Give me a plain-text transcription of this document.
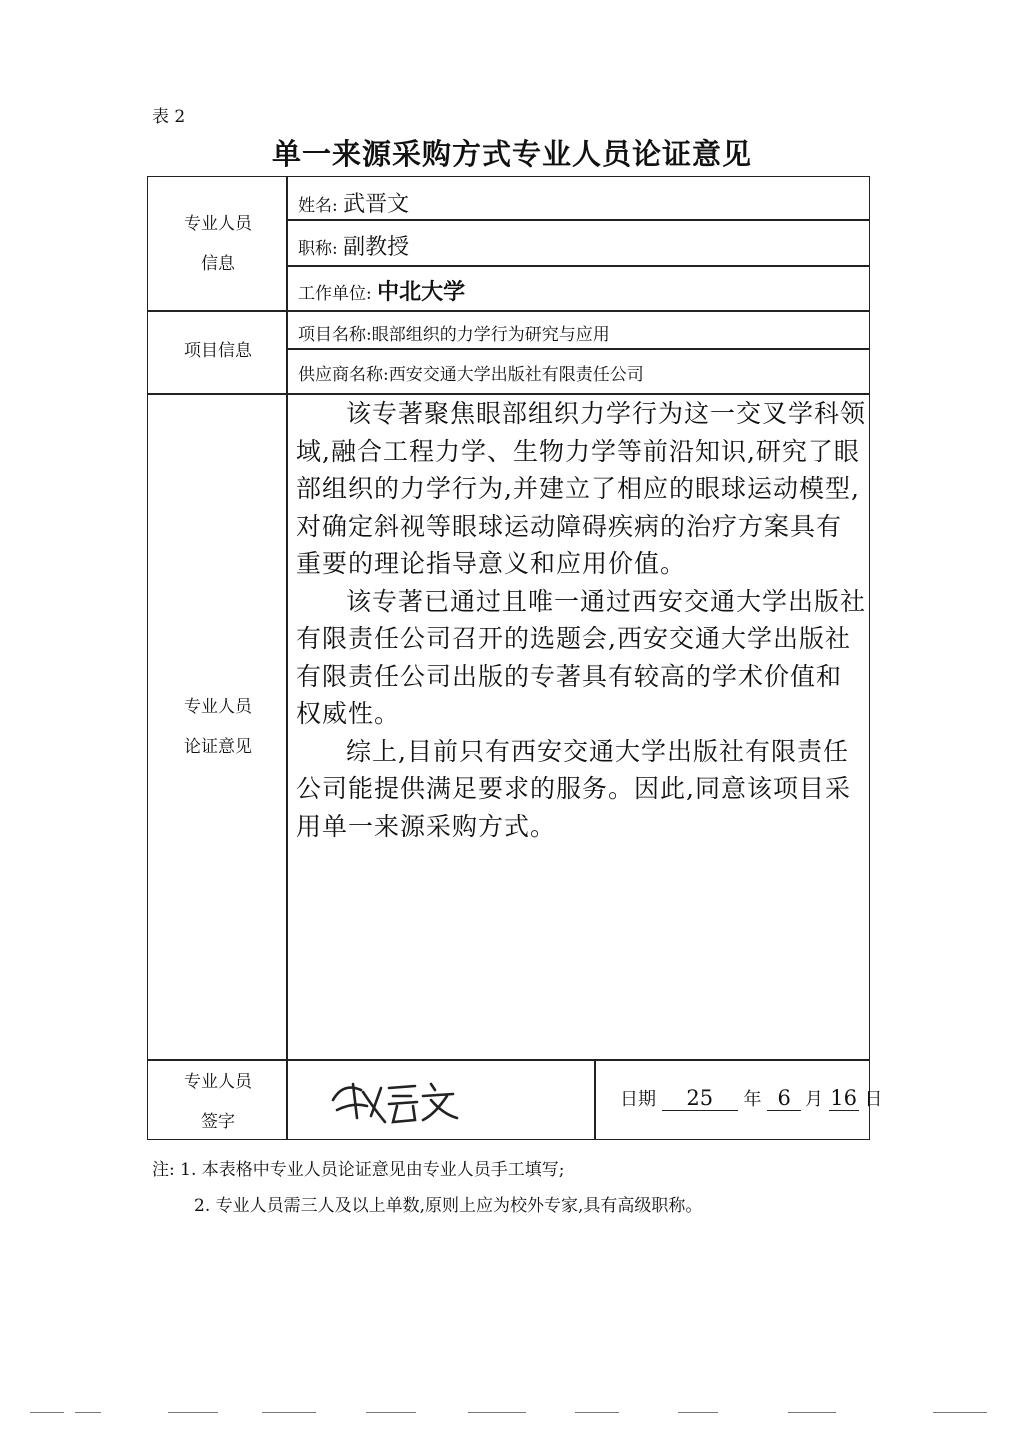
表 2
单一来源采购方式专业人员论证意见
专业人员
信息
姓名: 武晋文
职称: 副教授
工作单位: 中北大学
项目信息
项目名称:眼部组织的力学行为研究与应用
供应商名称:西安交通大学出版社有限责任公司
专业人员
论证意见

该专著聚焦眼部组织力学行为这一交叉学科领域,融合工程力学、生物力学等前沿知识,研究了眼部组织的力学行为,并建立了相应的眼球运动模型,对确定斜视等眼球运动障碍疾病的治疗方案具有重要的理论指导意义和应用价值。

该专著已通过且唯一通过西安交通大学出版社有限责任公司召开的选题会,西安交通大学出版社有限责任公司出版的专著具有较高的学术价值和权威性。

综上,目前只有西安交通大学出版社有限责任公司能提供满足要求的服务。因此,同意该项目采用单一来源采购方式。

专业人员
签字
日期 25 年 6 月 16 日
注: 1. 本表格中专业人员论证意见由专业人员手工填写;
2. 专业人员需三人及以上单数,原则上应为校外专家,具有高级职称。
